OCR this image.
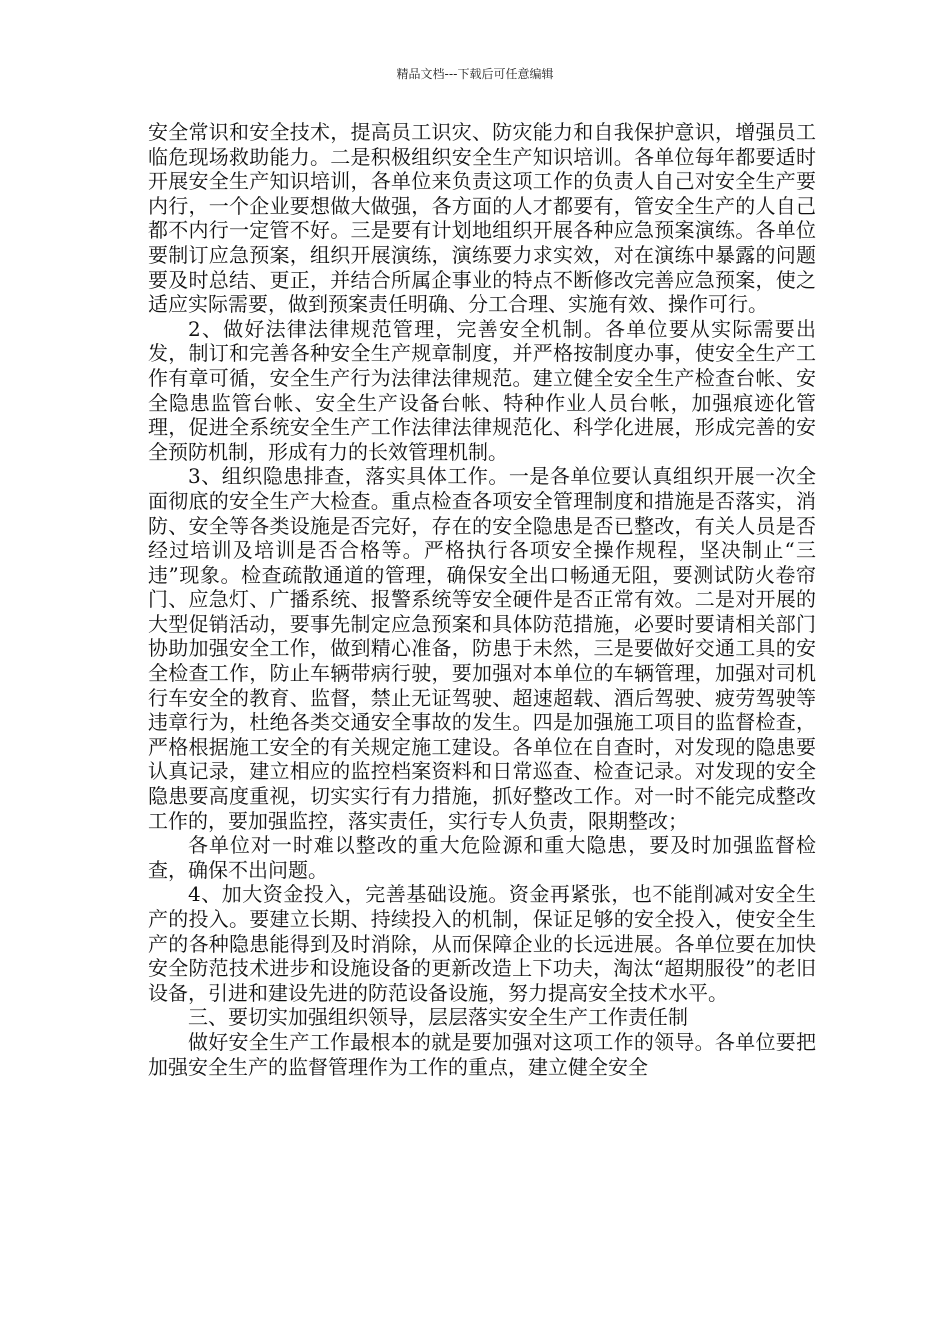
精品文档---下载后可任意编辑

安全常识和安全技术，提高员工识灾、防灾能力和自我保护意识，增强员工临危现场救助能力。二是积极组织安全生产知识培训。各单位每年都要适时开展安全生产知识培训，各单位来负责这项工作的负责人自己对安全生产要内行，一个企业要想做大做强，各方面的人才都要有，管安全生产的人自己都不内行一定管不好。三是要有计划地组织开展各种应急预案演练。各单位要制订应急预案，组织开展演练，演练要力求实效，对在演练中暴露的问题要及时总结、更正，并结合所属企事业的特点不断修改完善应急预案，使之适应实际需要，做到预案责任明确、分工合理、实施有效、操作可行。

2、做好法律法律规范管理，完善安全机制。各单位要从实际需要出发，制订和完善各种安全生产规章制度，并严格按制度办事，使安全生产工作有章可循，安全生产行为法律法律规范。建立健全安全生产检查台帐、安全隐患监管台帐、安全生产设备台帐、特种作业人员台帐，加强痕迹化管理，促进全系统安全生产工作法律法律规范化、科学化进展，形成完善的安全预防机制，形成有力的长效管理机制。

3、组织隐患排查，落实具体工作。一是各单位要认真组织开展一次全面彻底的安全生产大检查。重点检查各项安全管理制度和措施是否落实，消防、安全等各类设施是否完好，存在的安全隐患是否已整改，有关人员是否经过培训及培训是否合格等。严格执行各项安全操作规程，坚决制止“三违”现象。检查疏散通道的管理，确保安全出口畅通无阻，要测试防火卷帘门、应急灯、广播系统、报警系统等安全硬件是否正常有效。二是对开展的大型促销活动，要事先制定应急预案和具体防范措施，必要时要请相关部门协助加强安全工作，做到精心准备，防患于未然，三是要做好交通工具的安全检查工作，防止车辆带病行驶，要加强对本单位的车辆管理，加强对司机行车安全的教育、监督，禁止无证驾驶、超速超载、酒后驾驶、疲劳驾驶等违章行为，杜绝各类交通安全事故的发生。四是加强施工项目的监督检查，严格根据施工安全的有关规定施工建设。各单位在自查时，对发现的隐患要认真记录，建立相应的监控档案资料和日常巡查、检查记录。对发现的安全隐患要高度重视，切实实行有力措施，抓好整改工作。对一时不能完成整改工作的，要加强监控，落实责任，实行专人负责，限期整改；

各单位对一时难以整改的重大危险源和重大隐患，要及时加强监督检查，确保不出问题。

4、加大资金投入，完善基础设施。资金再紧张，也不能削减对安全生产的投入。要建立长期、持续投入的机制，保证足够的安全投入，使安全生产的各种隐患能得到及时消除，从而保障企业的长远进展。各单位要在加快安全防范技术进步和设施设备的更新改造上下功夫，淘汰“超期服役”的老旧设备，引进和建设先进的防范设备设施，努力提高安全技术水平。

三、要切实加强组织领导，层层落实安全生产工作责任制

做好安全生产工作最根本的就是要加强对这项工作的领导。各单位要把加强安全生产的监督管理作为工作的重点，建立健全安全
